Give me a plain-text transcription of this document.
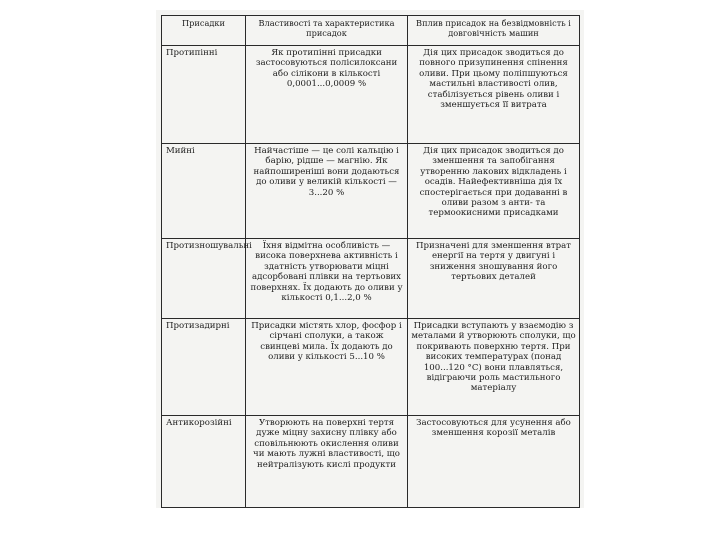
Присадки	Властивості та характеристика присадок	Вплив присадок на безвідмовність і довговічність машин
Протипінні	Як протипінні присадки застосовуються полісилоксани або сілікони в кількості 0,0001...0,0009 %	Дія цих присадок зводиться до повного призупинення спінення оливи. При цьому поліпшуються мастильні властивості олив, стабілізується рівень оливи і зменшується її витрата
Мийні	Найчастіше — це солі кальцію і барію, рідше — магнію. Як найпоширеніші вони додаються до оливи у великій кількості — 3...20 %	Дія цих присадок зводиться до зменшення та запобігання утворенню лакових відкладень і осадів. Найефективніша дія їх спостерігається при додаванні в оливи разом з анти- та термоокисними присадками
Протизношувальні	Їхня відмітна особливість — висока поверхнева активність і здатність утворювати міцні адсорбовані плівки на тертьових поверхнях. Їх додають до оливи у кількості 0,1...2,0 %	Призначені для зменшення втрат енергії на тертя у двигуні і зниження зношування його тертьових деталей
Протизадирні	Присадки містять хлор, фосфор і сірчані сполуки, а також свинцеві мила. Їх додають до оливи у кількості 5...10 %	Присадки вступають у взаємодію з металами й утворюють сполуки, що покривають поверхню тертя. При високих температурах (понад 100...120 °С) вони плавляться, відіграючи роль мастильного матеріалу
Антикорозійні	Утворюють на поверхні тертя дуже міцну захисну плівку або сповільнюють окислення оливи чи мають лужні властивості, що нейтралізують кислі продукти	Застосовуються для усунення або зменшення корозії металів
